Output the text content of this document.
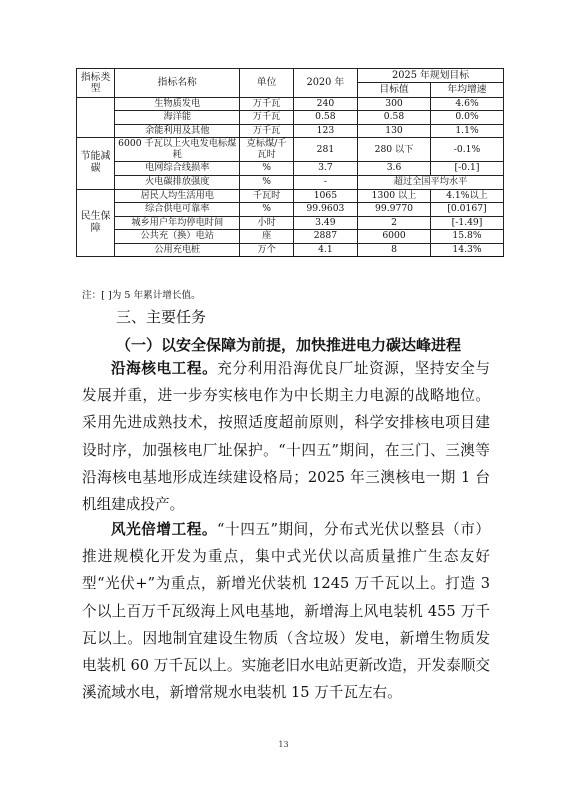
指标类型	指标名称	单位	2020 年	2025 年规划目标	
				目标值	年均增速
	生物质发电	万千瓦	240	300	4.6%
	海洋能	万千瓦	0.58	0.58	0.0%
	余能利用及其他	万千瓦	123	130	1.1%
节能减碳	6000 千瓦以上火电发电标煤耗	克标煤/千瓦时	281	280 以下	-0.1%
	电网综合线损率	%	3.7	3.6	[-0.1]
	火电碳排放强度	%	-	超过全国平均水平	
民生保障	居民人均生活用电	千瓦时	1065	1300 以上	4.1%以上
	综合供电可靠率	%	99.9603	99.9770	[0.0167]
	城乡用户年均停电时间	小时	3.49	2	[-1.49]
	公共充（换）电站	座	2887	6000	15.8%
	公用充电桩	万个	4.1	8	14.3%
注：[ ]为 5 年累计增长值。
三、主要任务
（一）以安全保障为前提，加快推进电力碳达峰进程

沿海核电工程。充分利用沿海优良厂址资源，坚持安全与发展并重，进一步夯实核电作为中长期主力电源的战略地位。采用先进成熟技术，按照适度超前原则，科学安排核电项目建设时序，加强核电厂址保护。“十四五”期间，在三门、三澳等沿海核电基地形成连续建设格局；2025 年三澳核电一期 1 台机组建成投产。

风光倍增工程。“十四五”期间，分布式光伏以整县（市）推进规模化开发为重点，集中式光伏以高质量推广生态友好型“光伏+”为重点，新增光伏装机 1245 万千瓦以上。打造 3 个以上百万千瓦级海上风电基地，新增海上风电装机 455 万千瓦以上。因地制宜建设生物质（含垃圾）发电，新增生物质发电装机 60 万千瓦以上。实施老旧水电站更新改造，开发泰顺交溪流域水电，新增常规水电装机 15 万千瓦左右。

13
